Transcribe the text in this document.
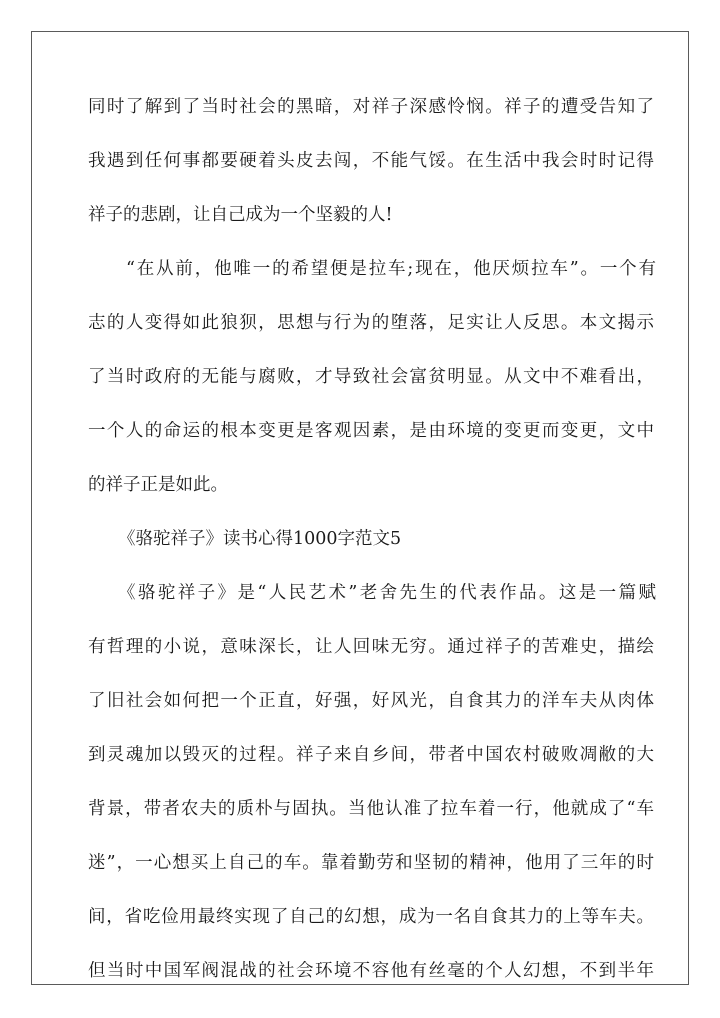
同时了解到了当时社会的黑暗，对祥子深感怜悯。祥子的遭受告知了
我遇到任何事都要硬着头皮去闯，不能气馁。在生活中我会时时记得
祥子的悲剧，让自己成为一个坚毅的人!
“在从前，他唯一的希望便是拉车;现在，他厌烦拉车”。一个有
志的人变得如此狼狈，思想与行为的堕落，足实让人反思。本文揭示
了当时政府的无能与腐败，才导致社会富贫明显。从文中不难看出，
一个人的命运的根本变更是客观因素，是由环境的变更而变更，文中
的祥子正是如此。
《骆驼祥子》读书心得1000字范文5
《骆驼祥子》是“人民艺术”老舍先生的代表作品。这是一篇赋
有哲理的小说，意味深长，让人回味无穷。通过祥子的苦难史，描绘
了旧社会如何把一个正直，好强，好风光，自食其力的洋车夫从肉体
到灵魂加以毁灭的过程。祥子来自乡间，带者中国农村破败凋敝的大
背景，带者农夫的质朴与固执。当他认准了拉车着一行，他就成了“车
迷”，一心想买上自己的车。靠着勤劳和坚韧的精神，他用了三年的时
间，省吃俭用最终实现了自己的幻想，成为一名自食其力的上等车夫。
但当时中国军阀混战的社会环境不容他有丝毫的个人幻想，不到半年
